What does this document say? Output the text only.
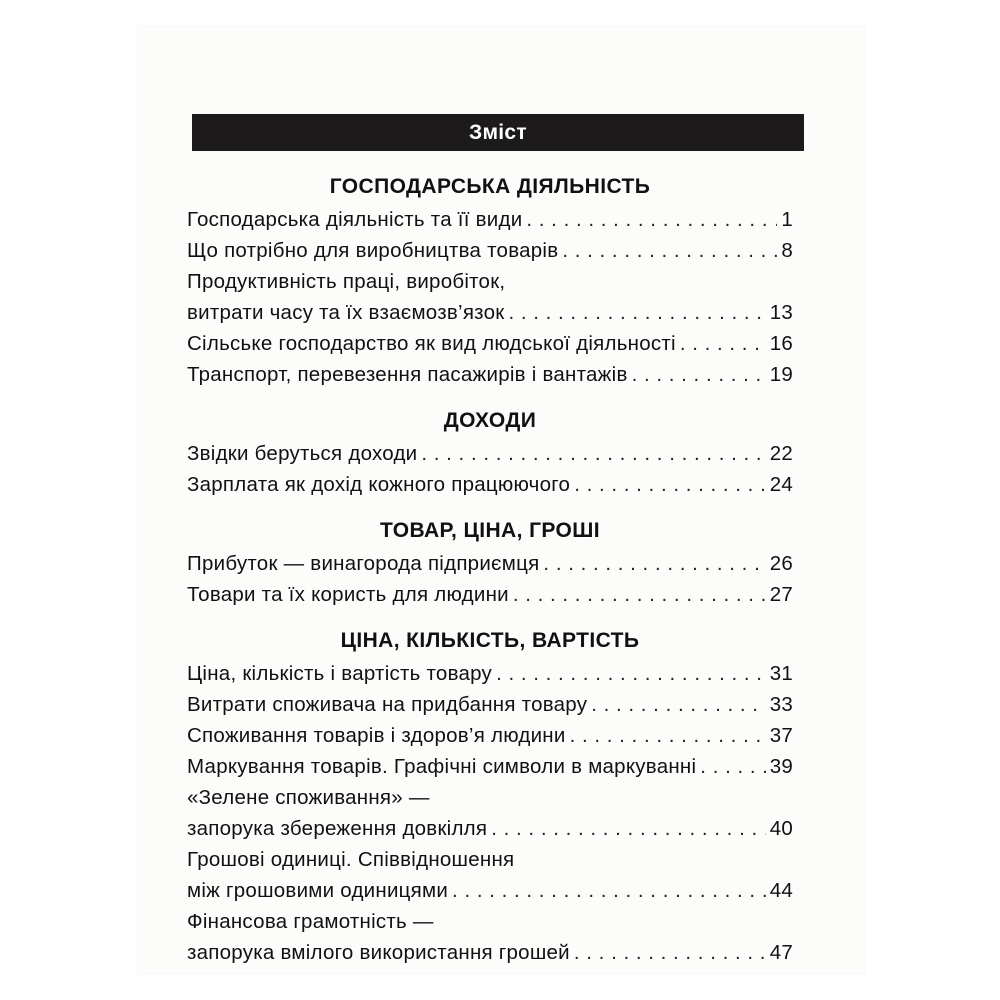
Зміст
ГОСПОДАРСЬКА ДІЯЛЬНІСТЬ
Господарська діяльність та її види . . .	1
Що потрібно для виробництва товарів . . .	8
Продуктивність праці, виробіток,
витрати часу та їх взаємозв’язок . . .	13
Сільське господарство як вид людської діяльності . . .	16
Транспорт, перевезення пасажирів і вантажів . . .	19
ДОХОДИ
Звідки беруться доходи . . .	22
Зарплата як дохід кожного працюючого . . .	24
ТОВАР, ЦІНА, ГРОШІ
Прибуток — винагорода підприємця . . .	26
Товари та їх користь для людини . . .	27
ЦІНА, КІЛЬКІСТЬ, ВАРТІСТЬ
Ціна, кількість і вартість товару . . .	31
Витрати споживача на придбання товару . . .	33
Споживання товарів і здоров’я людини . . .	37
Маркування товарів. Графічні символи в маркуванні . . .	39
«Зелене споживання» —
запорука збереження довкілля . . .	40
Грошові одиниці. Співвідношення
між грошовими одиницями . . .	44
Фінансова грамотність —
запорука вмілого використання грошей . . .	47
